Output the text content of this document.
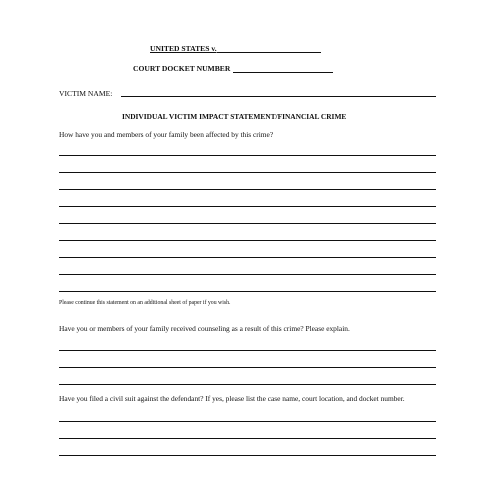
UNITED STATES v.
COURT DOCKET NUMBER
VICTIM NAME:
INDIVIDUAL VICTIM IMPACT STATEMENT/FINANCIAL CRIME
How have you and members of your family been affected by this crime?
Please continue this statement on an additional sheet of paper if you wish.
Have you or members of your family received counseling as a result of this crime? Please explain.
Have you filed a civil suit against the defendant? If yes, please list the case name, court location, and docket number.
